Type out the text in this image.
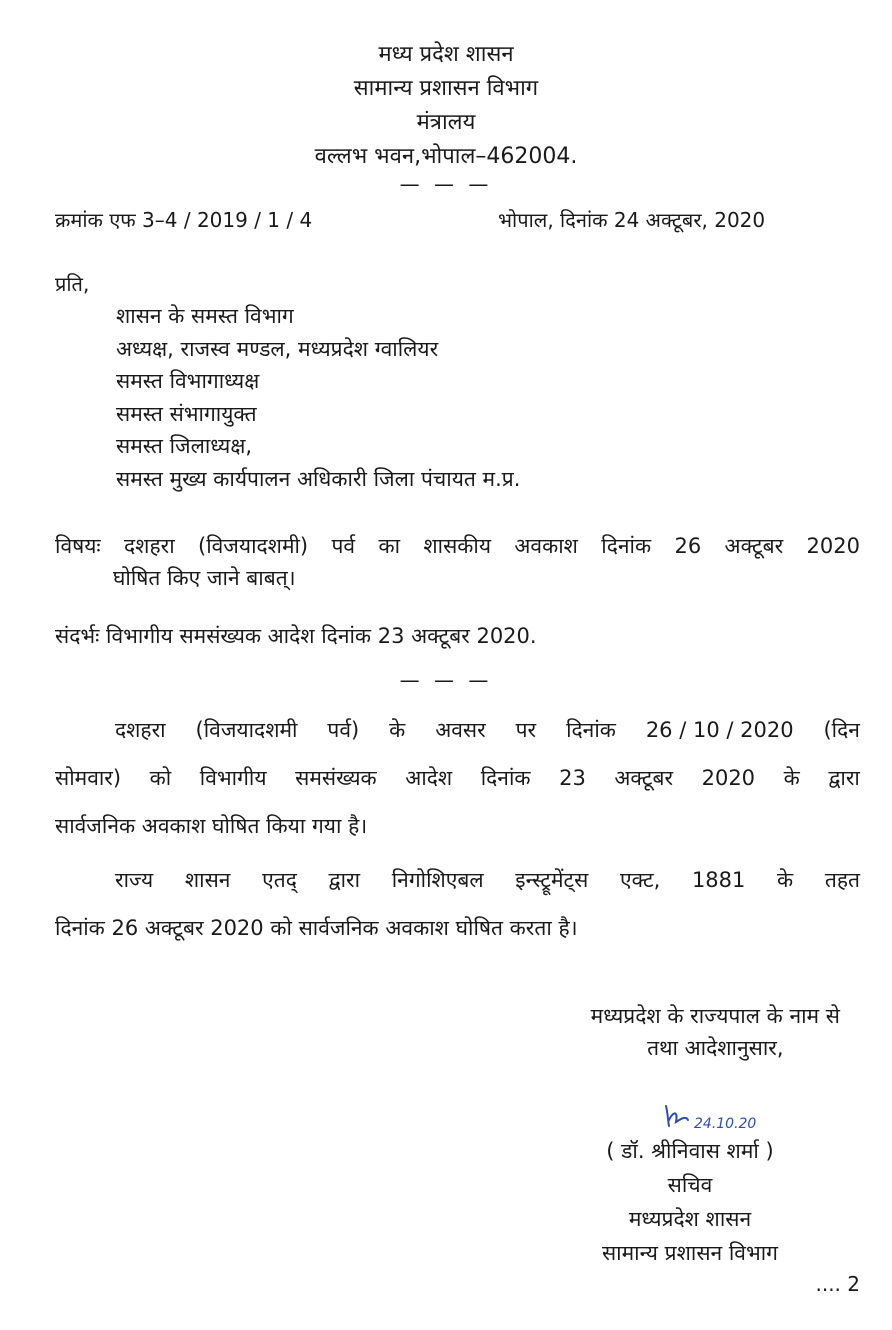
मध्य प्रदेश शासन
सामान्य प्रशासन विभाग
मंत्रालय
वल्लभ भवन,भोपाल–462004.
— — —
क्रमांक एफ 3–4 / 2019 / 1 / 4	भोपाल, दिनांक 24 अक्टूबर, 2020
प्रति,
शासन के समस्त विभाग
अध्यक्ष, राजस्व मण्डल, मध्यप्रदेश ग्वालियर
समस्त विभागाध्यक्ष
समस्त संभागायुक्त
समस्त जिलाध्यक्ष,
समस्त मुख्य कार्यपालन अधिकारी जिला पंचायत म.प्र.
विषयः दशहरा (विजयादशमी) पर्व का शासकीय अवकाश दिनांक 26 अक्टूबर 2020
घोषित किए जाने बाबत्।
संदर्भः विभागीय समसंख्यक आदेश दिनांक 23 अक्टूबर 2020.
— — —
दशहरा (विजयादशमी पर्व) के अवसर पर दिनांक 26 / 10 / 2020 (दिन
सोमवार) को विभागीय समसंख्यक आदेश दिनांक 23 अक्टूबर 2020 के द्वारा
सार्वजनिक अवकाश घोषित किया गया है।
राज्य शासन एतद् द्वारा निगोशिएबल इन्स्ट्रूमेंट्स एक्ट, 1881 के तहत
दिनांक 26 अक्टूबर 2020 को सार्वजनिक अवकाश घोषित करता है।
मध्यप्रदेश के राज्यपाल के नाम से
तथा आदेशानुसार,
24.10.20
( डॉ. श्रीनिवास शर्मा )
सचिव
मध्यप्रदेश शासन
सामान्य प्रशासन विभाग
.... 2
